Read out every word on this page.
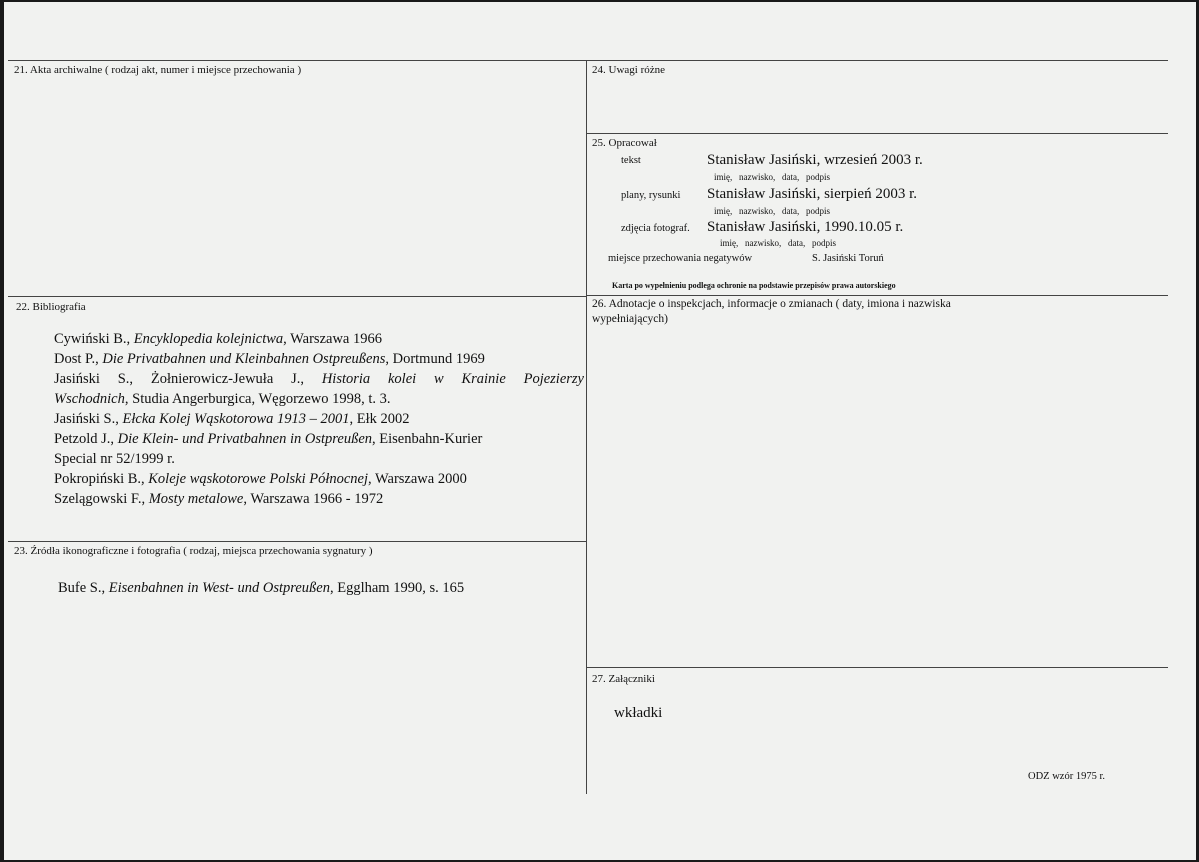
21. Akta archiwalne ( rodzaj akt, numer i miejsce przechowania )
22. Bibliografia
Cywiński B., Encyklopedia kolejnictwa, Warszawa 1966
Dost P., Die Privatbahnen und Kleinbahnen Ostpreußens, Dortmund 1969
Jasiński S., Żołnierowicz-Jewuła J., Historia kolei w Krainie Pojezierzy
Wschodnich, Studia Angerburgica, Węgorzewo 1998, t. 3.
Jasiński S., Ełcka Kolej Wąskotorowa 1913 – 2001, Ełk 2002
Petzold J., Die Klein- und Privatbahnen in Ostpreußen, Eisenbahn-Kurier
Special nr 52/1999 r.
Pokropiński B., Koleje wąskotorowe Polski Północnej, Warszawa 2000
Szelągowski F., Mosty metalowe, Warszawa 1966 - 1972
23. Źródła ikonograficzne i fotografia ( rodzaj, miejsca przechowania sygnatury )
Bufe S., Eisenbahnen in West- und Ostpreußen, Egglham 1990, s. 165
24. Uwagi różne
25. Opracował
tekst	Stanisław Jasiński, wrzesień 2003 r.
imię,   nazwisko,   data,   podpis
plany, rysunki Stanisław Jasiński, sierpień 2003 r.
imię,   nazwisko,   data,   podpis
zdjęcia fotograf. Stanisław Jasiński, 1990.10.05 r.
imię,   nazwisko,   data,   podpis
miejsce przechowania negatywów	S. Jasiński Toruń
Karta po wypełnieniu podlega ochronie na podstawie przepisów prawa autorskiego
26. Adnotacje o inspekcjach, informacje o zmianach ( daty, imiona i nazwiska
wypełniających)
27. Załączniki
wkładki
ODZ wzór 1975 r.
